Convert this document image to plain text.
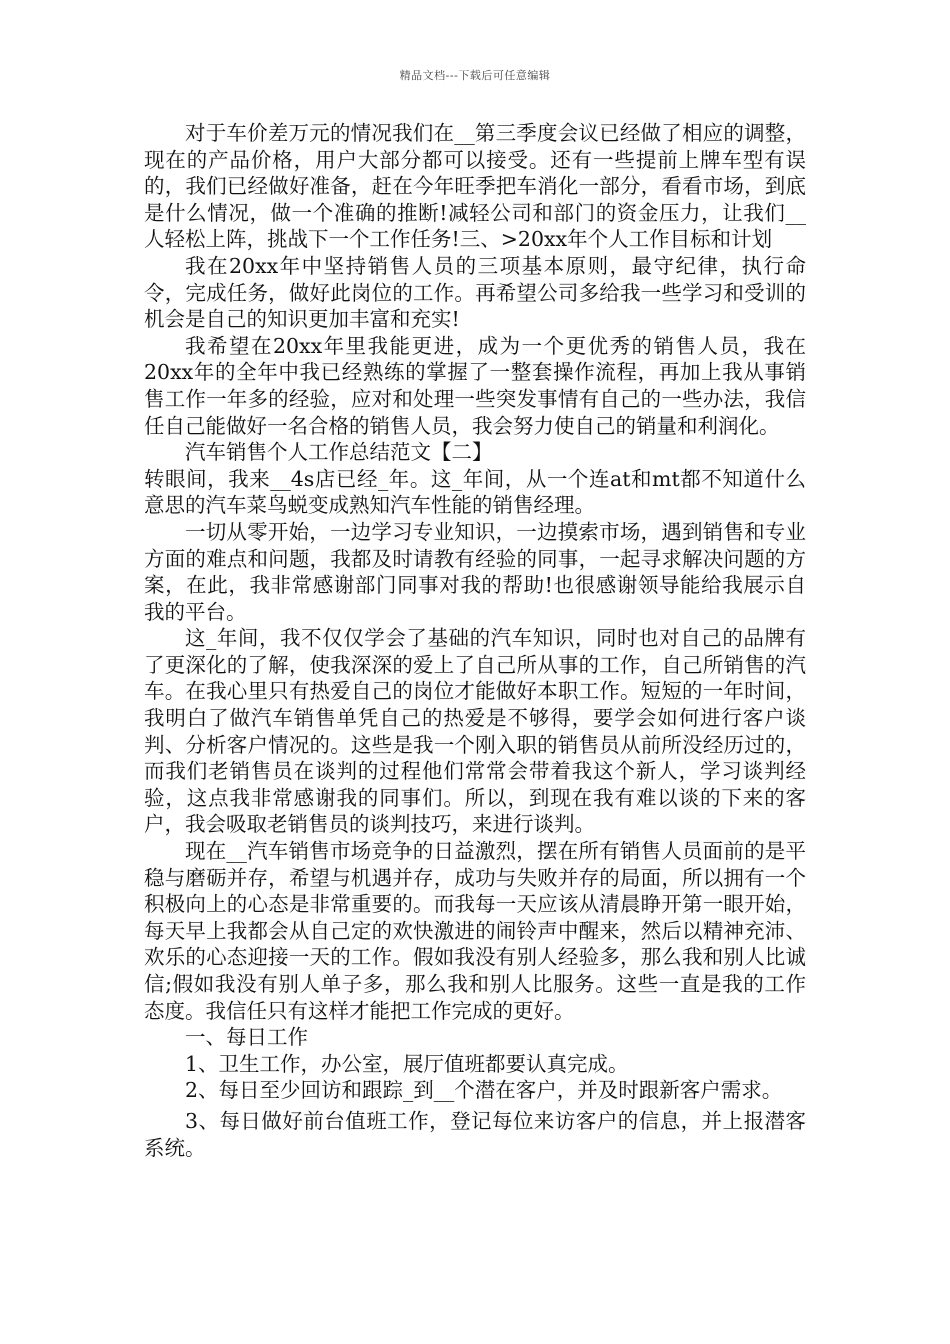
精品文档---下载后可任意编辑

对于车价差万元的情况我们在__第三季度会议已经做了相应的调整，现在的产品价格，用户大部分都可以接受。还有一些提前上牌车型有误的，我们已经做好准备，赶在今年旺季把车消化一部分，看看市场，到底是什么情况，做一个准确的推断!减轻公司和部门的资金压力，让我们__人轻松上阵，挑战下一个工作任务!三、>20xx年个人工作目标和计划

我在20xx年中坚持销售人员的三项基本原则，最守纪律，执行命令，完成任务，做好此岗位的工作。再希望公司多给我一些学习和受训的机会是自己的知识更加丰富和充实!

我希望在20xx年里我能更进，成为一个更优秀的销售人员，我在20xx年的全年中我已经熟练的掌握了一整套操作流程，再加上我从事销售工作一年多的经验，应对和处理一些突发事情有自己的一些办法，我信任自己能做好一名合格的销售人员，我会努力使自己的销量和利润化。

汽车销售个人工作总结范文【二】

转眼间，我来__4s店已经_年。这_年间，从一个连at和mt都不知道什么意思的汽车菜鸟蜕变成熟知汽车性能的销售经理。

一切从零开始，一边学习专业知识，一边摸索市场，遇到销售和专业方面的难点和问题，我都及时请教有经验的同事，一起寻求解决问题的方案，在此，我非常感谢部门同事对我的帮助!也很感谢领导能给我展示自我的平台。

这_年间，我不仅仅学会了基础的汽车知识，同时也对自己的品牌有了更深化的了解，使我深深的爱上了自己所从事的工作，自己所销售的汽车。在我心里只有热爱自己的岗位才能做好本职工作。短短的一年时间，我明白了做汽车销售单凭自己的热爱是不够得，要学会如何进行客户谈判、分析客户情况的。这些是我一个刚入职的销售员从前所没经历过的，而我们老销售员在谈判的过程他们常常会带着我这个新人，学习谈判经验，这点我非常感谢我的同事们。所以，到现在我有难以谈的下来的客户，我会吸取老销售员的谈判技巧，来进行谈判。

现在__汽车销售市场竞争的日益激烈，摆在所有销售人员面前的是平稳与磨砺并存，希望与机遇并存，成功与失败并存的局面，所以拥有一个积极向上的心态是非常重要的。而我每一天应该从清晨睁开第一眼开始，每天早上我都会从自己定的欢快激进的闹铃声中醒来，然后以精神充沛、欢乐的心态迎接一天的工作。假如我没有别人经验多，那么我和别人比诚信;假如我没有别人单子多，那么我和别人比服务。这些一直是我的工作态度。我信任只有这样才能把工作完成的更好。

一、每日工作

1、卫生工作，办公室，展厅值班都要认真完成。

2、每日至少回访和跟踪_到__个潜在客户，并及时跟新客户需求。

3、每日做好前台值班工作，登记每位来访客户的信息，并上报潜客系统。
